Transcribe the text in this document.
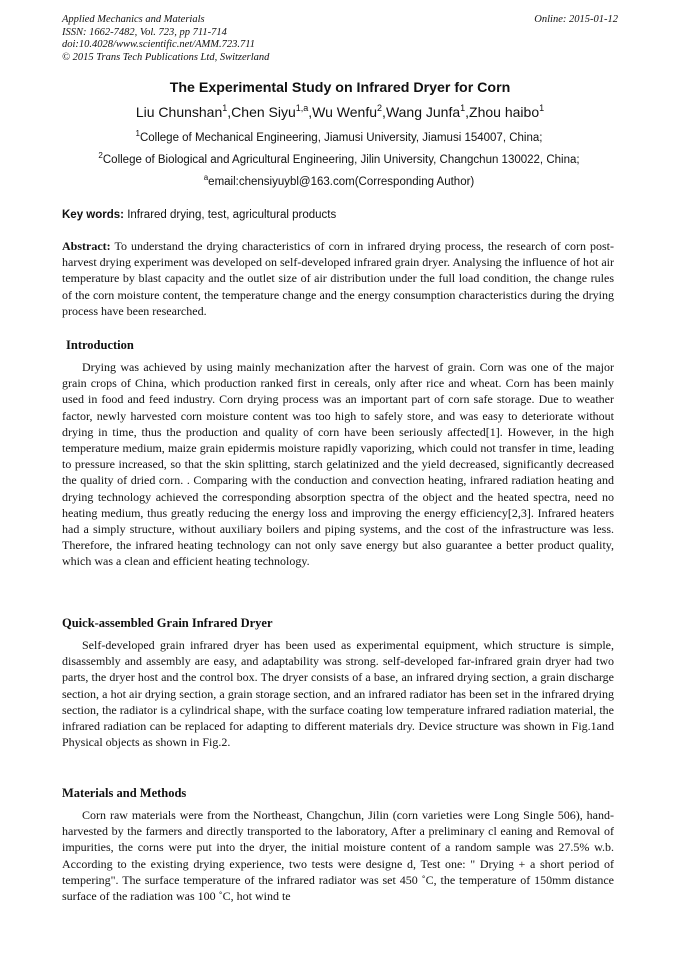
Applied Mechanics and Materials
ISSN: 1662-7482, Vol. 723, pp 711-714
doi:10.4028/www.scientific.net/AMM.723.711
© 2015 Trans Tech Publications Ltd, Switzerland
Online: 2015-01-12
The Experimental Study on Infrared Dryer for Corn
Liu Chunshan$^1$,Chen Siyu$^{1,a}$,Wu Wenfu$^2$,Wang Junfa$^1$,Zhou haibo$^1$
$^1$College of Mechanical Engineering, Jiamusi University, Jiamusi 154007, China;
$^2$College of Biological and Agricultural Engineering, Jilin University, Changchun 130022, China;
$^a$email:chensiyuybl@163.com(Corresponding Author)
Key words: Infrared drying, test, agricultural products
Abstract: To understand the drying characteristics of corn in infrared drying process, the research of corn post-harvest drying experiment was developed on self-developed infrared grain dryer. Analysing the influence of hot air temperature by blast capacity and the outlet size of air distribution under the full load condition, the change rules of the corn moisture content, the temperature change and the energy consumption characteristics during the drying process have been researched.
Introduction
Drying was achieved by using mainly mechanization after the harvest of grain. Corn was one of the major grain crops of China, which production ranked first in cereals, only after rice and wheat. Corn has been mainly used in food and feed industry. Corn drying process was an important part of corn safe storage. Due to weather factor, newly harvested corn moisture content was too high to safely store, and was easy to deteriorate without drying in time, thus the production and quality of corn have been seriously affected[1]. However, in the high temperature medium, maize grain epidermis moisture rapidly vaporizing, which could not transfer in time, leading to pressure increased, so that the skin splitting, starch gelatinized and the yield decreased, significantly decreased the quality of dried corn. . Comparing with the conduction and convection heating, infrared radiation heating and drying technology achieved the corresponding absorption spectra of the object and the heated spectra, need no heating medium, thus greatly reducing the energy loss and improving the energy efficiency[2,3]. Infrared heaters had a simply structure, without auxiliary boilers and piping systems, and the cost of the infrastructure was less. Therefore, the infrared heating technology can not only save energy but also guarantee a better product quality, which was a clean and efficient heating technology.
Quick-assembled Grain Infrared Dryer
Self-developed grain infrared dryer has been used as experimental equipment, which structure is simple, disassembly and assembly are easy, and adaptability was strong. self-developed far-infrared grain dryer had two parts, the dryer host and the control box. The dryer consists of a base, an infrared drying section, a grain discharge section, a hot air drying section, a grain storage section, and an infrared radiator has been set in the infrared drying section, the radiator is a cylindrical shape, with the surface coating low temperature infrared radiation material, the infrared radiation can be replaced for adapting to different materials dry. Device structure was shown in Fig.1and Physical objects as shown in Fig.2.
Materials and Methods
Corn raw materials were from the Northeast, Changchun, Jilin (corn varieties were Long Single 506), hand-harvested by the farmers and directly transported to the laboratory, After a preliminary cl eaning and Removal of impurities, the corns were put into the dryer, the initial moisture content of a random sample was 27.5% w.b. According to the existing drying experience, two tests were designe d, Test one: " Drying + a short period of tempering". The surface temperature of the infrared radiator was set 450 ˚C, the temperature of 150mm distance surface of the radiation was 100 ˚C, hot wind te
